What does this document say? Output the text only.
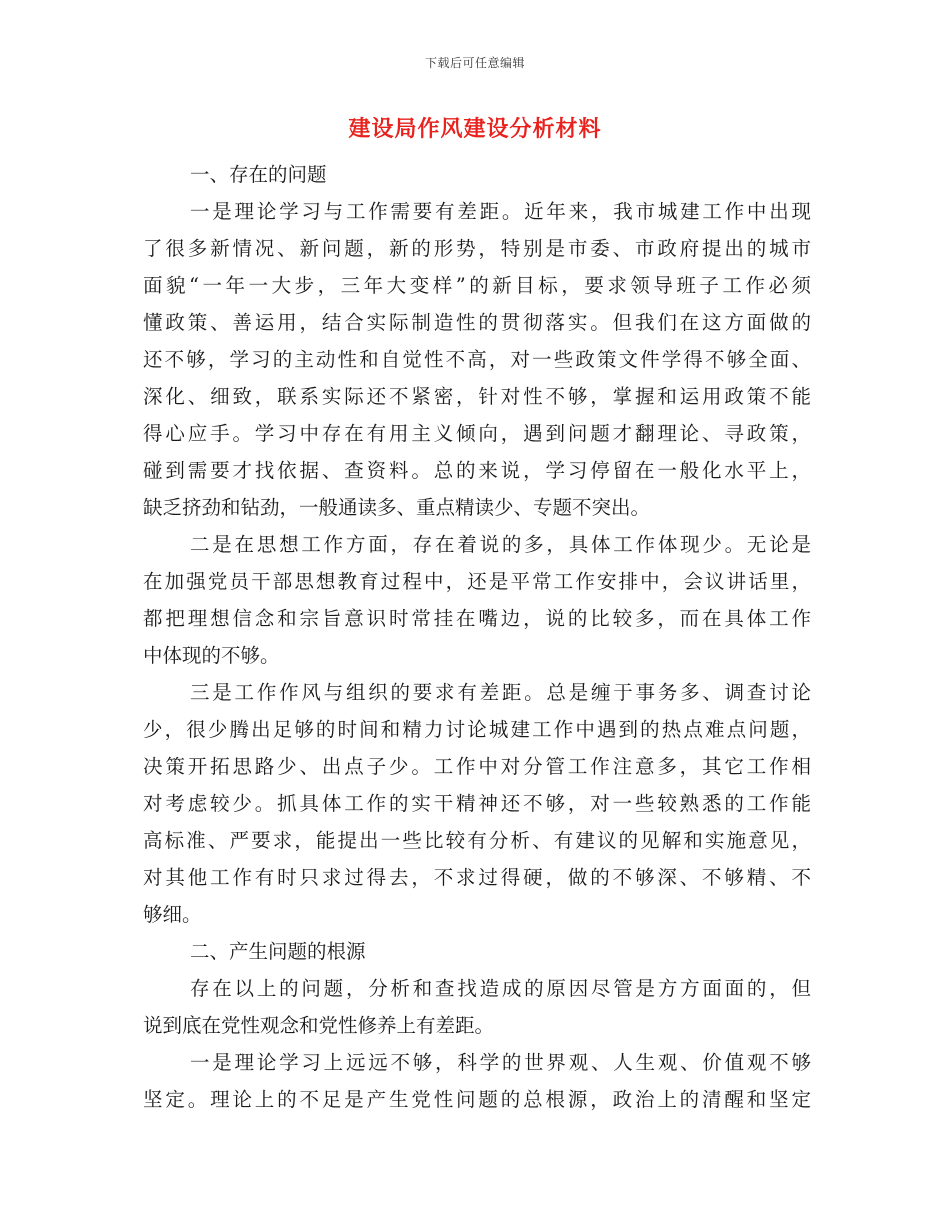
下载后可任意编辑
建设局作风建设分析材料

一、存在的问题

一是理论学习与工作需要有差距。近年来，我市城建工作中出现
了很多新情况、新问题，新的形势，特别是市委、市政府提出的城市
面貌“一年一大步，三年大变样”的新目标，要求领导班子工作必须
懂政策、善运用，结合实际制造性的贯彻落实。但我们在这方面做的
还不够，学习的主动性和自觉性不高，对一些政策文件学得不够全面、
深化、细致，联系实际还不紧密，针对性不够，掌握和运用政策不能
得心应手。学习中存在有用主义倾向，遇到问题才翻理论、寻政策，
碰到需要才找依据、查资料。总的来说，学习停留在一般化水平上，
缺乏挤劲和钻劲，一般通读多、重点精读少、专题不突出。

二是在思想工作方面，存在着说的多，具体工作体现少。无论是
在加强党员干部思想教育过程中，还是平常工作安排中，会议讲话里，
都把理想信念和宗旨意识时常挂在嘴边，说的比较多，而在具体工作
中体现的不够。

三是工作作风与组织的要求有差距。总是缠于事务多、调查讨论
少，很少腾出足够的时间和精力讨论城建工作中遇到的热点难点问题，
决策开拓思路少、出点子少。工作中对分管工作注意多，其它工作相
对考虑较少。抓具体工作的实干精神还不够，对一些较熟悉的工作能
高标准、严要求，能提出一些比较有分析、有建议的见解和实施意见，
对其他工作有时只求过得去，不求过得硬，做的不够深、不够精、不
够细。

二、产生问题的根源

存在以上的问题，分析和查找造成的原因尽管是方方面面的，但
说到底在党性观念和党性修养上有差距。

一是理论学习上远远不够，科学的世界观、人生观、价值观不够
坚定。理论上的不足是产生党性问题的总根源，政治上的清醒和坚定
